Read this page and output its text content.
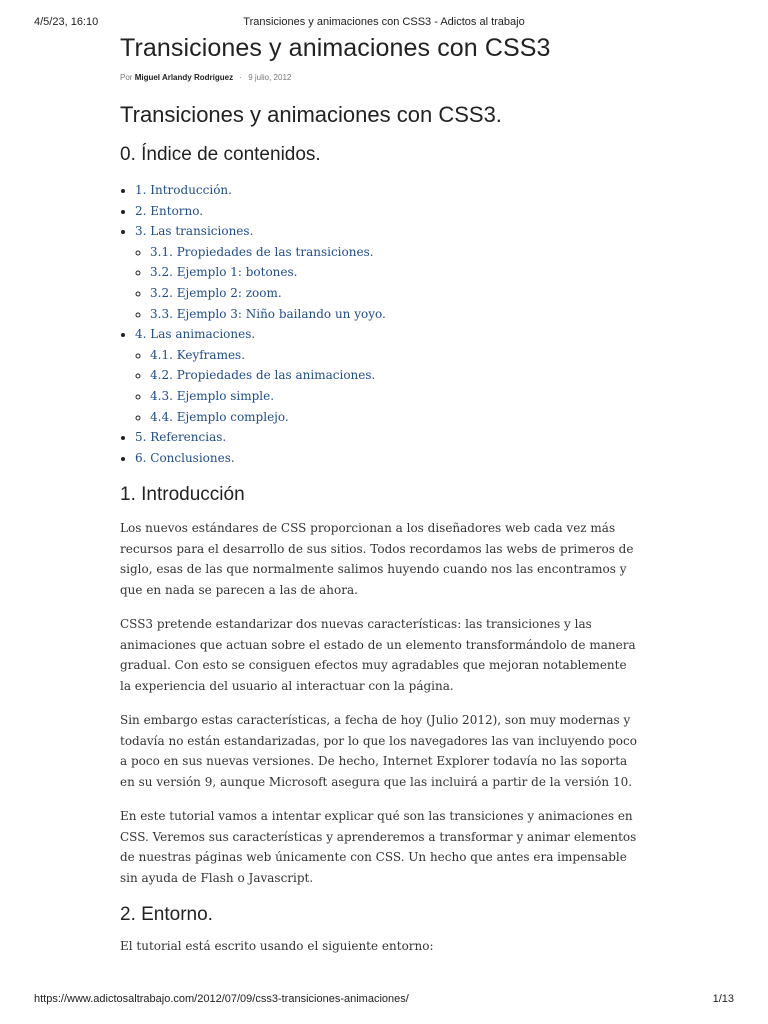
4/5/23, 16:10	Transiciones y animaciones con CSS3 - Adictos al trabajo
Transiciones y animaciones con CSS3
Por Miguel Arlandy Rodríguez · 9 julio, 2012
Transiciones y animaciones con CSS3.
0. Índice de contenidos.
• 1. Introducción.
• 2. Entorno.
• 3. Las transiciones.
◦ 3.1. Propiedades de las transiciones.
◦ 3.2. Ejemplo 1: botones.
◦ 3.2. Ejemplo 2: zoom.
◦ 3.3. Ejemplo 3: Niño bailando un yoyo.
• 4. Las animaciones.
◦ 4.1. Keyframes.
◦ 4.2. Propiedades de las animaciones.
◦ 4.3. Ejemplo simple.
◦ 4.4. Ejemplo complejo.
• 5. Referencias.
• 6. Conclusiones.
1. Introducción

Los nuevos estándares de CSS proporcionan a los diseñadores web cada vez más recursos para el desarrollo de sus sitios. Todos recordamos las webs de primeros de siglo, esas de las que normalmente salimos huyendo cuando nos las encontramos y que en nada se parecen a las de ahora.

CSS3 pretende estandarizar dos nuevas características: las transiciones y las animaciones que actuan sobre el estado de un elemento transformándolo de manera gradual. Con esto se consiguen efectos muy agradables que mejoran notablemente la experiencia del usuario al interactuar con la página.

Sin embargo estas características, a fecha de hoy (Julio 2012), son muy modernas y todavía no están estandarizadas, por lo que los navegadores las van incluyendo poco a poco en sus nuevas versiones. De hecho, Internet Explorer todavía no las soporta en su versión 9, aunque Microsoft asegura que las incluirá a partir de la versión 10.

En este tutorial vamos a intentar explicar qué son las transiciones y animaciones en CSS. Veremos sus características y aprenderemos a transformar y animar elementos de nuestras páginas web únicamente con CSS. Un hecho que antes era impensable sin ayuda de Flash o Javascript.

2. Entorno.

El tutorial está escrito usando el siguiente entorno:

https://www.adictosaltrabajo.com/2012/07/09/css3-transiciones-animaciones/	1/13
